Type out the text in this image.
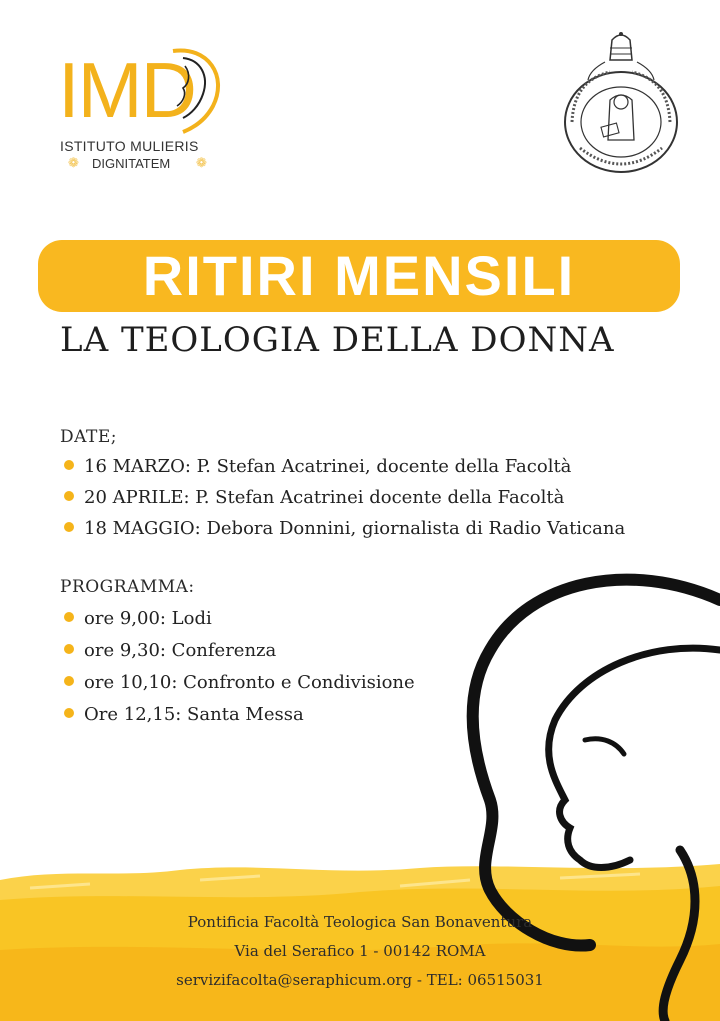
IMD
ISTITUTO MULIERIS
❁ DIGNITATEM ❁
RITIRI MENSILI
LA TEOLOGIA DELLA DONNA
DATE;
16 MARZO: P. Stefan Acatrinei, docente della Facoltà
20 APRILE: P. Stefan Acatrinei docente della Facoltà
18 MAGGIO: Debora Donnini, giornalista di Radio Vaticana
PROGRAMMA:
ore 9,00: Lodi
ore 9,30: Conferenza
ore 10,10: Confronto e Condivisione
Ore 12,15: Santa Messa
Pontificia Facoltà Teologica San Bonaventura
Via del Serafico 1 - 00142 ROMA
servizifacolta@seraphicum.org - TEL: 06515031
